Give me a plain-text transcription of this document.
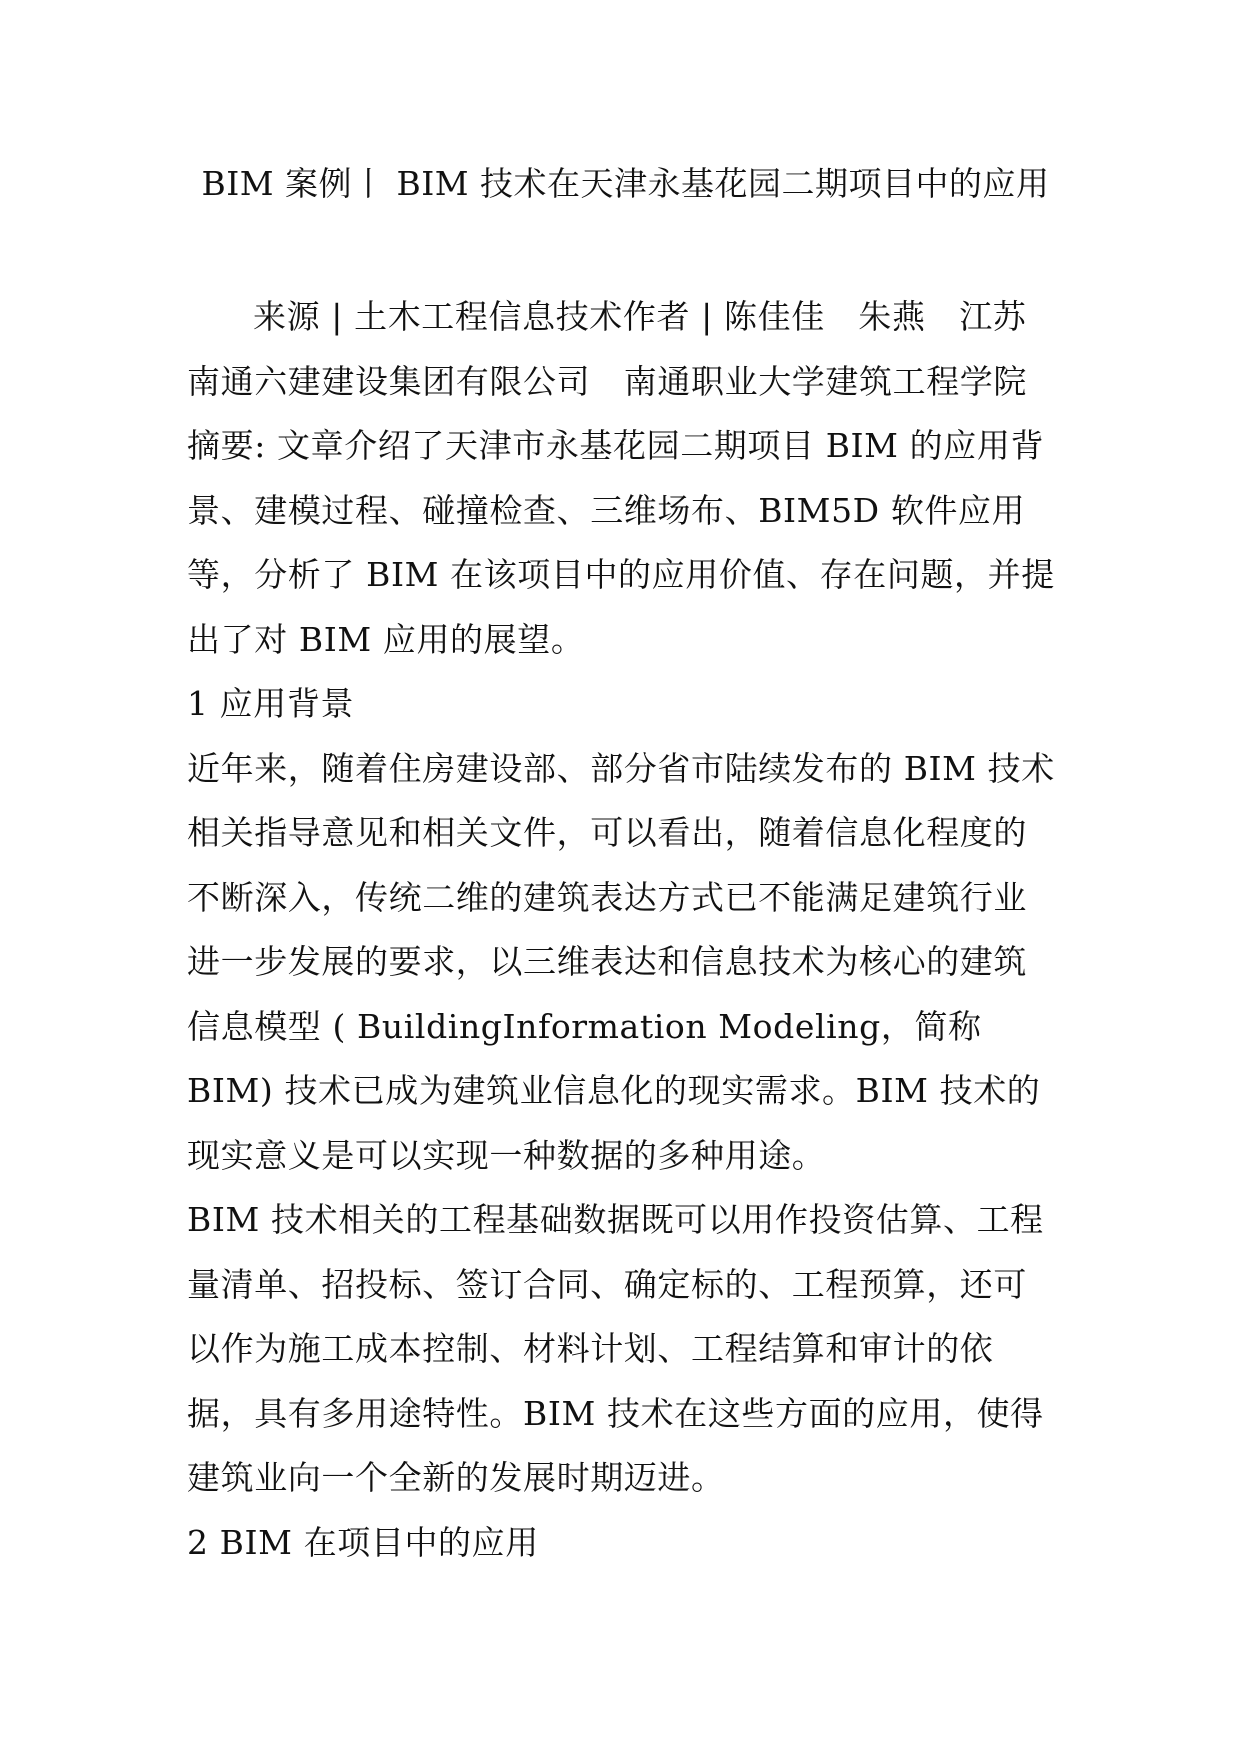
BIM 案例丨 BIM 技术在天津永基花园二期项目中的应用

来源 | 土木工程信息技术作者 | 陈佳佳　朱燕　江苏南通六建建设集团有限公司　南通职业大学建筑工程学院

摘要: 文章介绍了天津市永基花园二期项目 BIM 的应用背景、建模过程、碰撞检查、三维场布、BIM5D 软件应用等，分析了 BIM 在该项目中的应用价值、存在问题，并提出了对 BIM 应用的展望。

1 应用背景

近年来，随着住房建设部、部分省市陆续发布的 BIM 技术相关指导意见和相关文件，可以看出，随着信息化程度的不断深入，传统二维的建筑表达方式已不能满足建筑行业进一步发展的要求，以三维表达和信息技术为核心的建筑信息模型 ( BuildingInformation Modeling，简称 BIM) 技术已成为建筑业信息化的现实需求。BIM 技术的现实意义是可以实现一种数据的多种用途。

BIM 技术相关的工程基础数据既可以用作投资估算、工程量清单、招投标、签订合同、确定标的、工程预算，还可以作为施工成本控制、材料计划、工程结算和审计的依据，具有多用途特性。BIM 技术在这些方面的应用，使得建筑业向一个全新的发展时期迈进。

2 BIM 在项目中的应用
